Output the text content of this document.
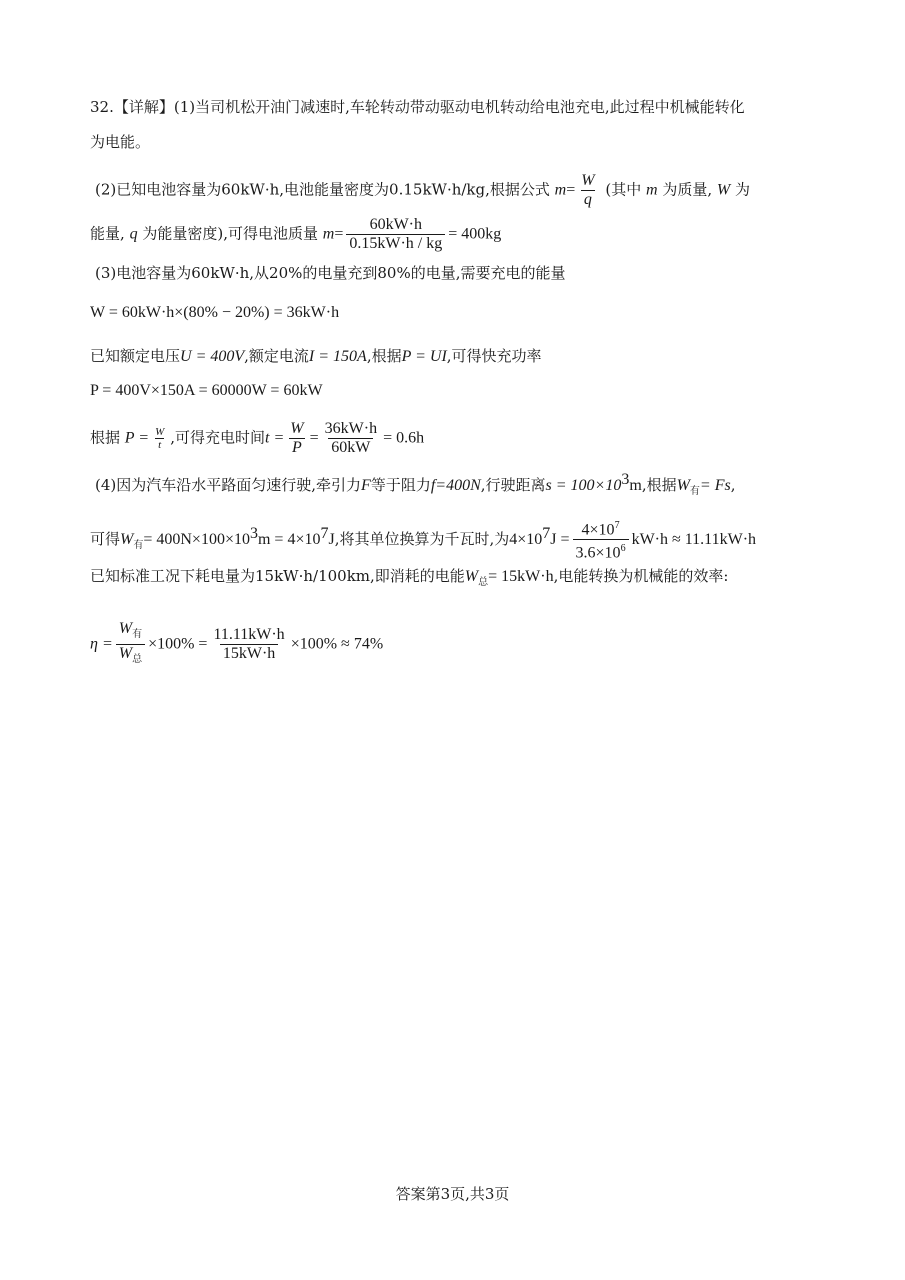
32.【详解】(1)当司机松开油门减速时,车轮转动带动驱动电机转动给电池充电,此过程中机械能转化
为电能。
(2)已知电池容量为60kW·h,电池能量密度为0.15kW·h/kg,根据公式 $m= \frac{W}{q}$ (其中 m 为质量, W 为
能量, q 为能量密度),可得电池质量 $m= \frac{60kW\cdot h}{0.15kW\cdot h / kg} = 400kg$
(3)电池容量为60kW·h,从20%的电量充到80%的电量,需要充电的能量
W = 60kW·h×(80% − 20%) = 36kW·h
已知额定电压U = 400V,额定电流I = 150A,根据P = UI,可得快充功率
P = 400V×150A = 60000W = 60kW
根据 $P = \frac{W}{t}$ ,可得充电时间$t = \frac{W}{P} = \frac{36kW\cdot h}{60kW} = 0.6h$
(4)因为汽车沿水平路面匀速行驶,牵引力F等于阻力f=400N,行驶距离$s = 100\times 10^3m$,根据$W_有= Fs$,
可得$W_有= 400N\times 100\times 10^3m = 4\times 10^7J$,将其单位换算为千瓦时,为$4\times 10^7J = \frac{4\times 10^7}{3.6\times 10^6} kW\cdot h \approx 11.11kW\cdot h$
已知标准工况下耗电量为15kW·h/100km,即消耗的电能$W_总= 15kW\cdot h$,电能转换为机械能的效率:
$\eta = \frac{W_有}{W_总} \times 100\% = \frac{11.11kW\cdot h}{15kW\cdot h} \times 100\% \approx 74\%$
答案第3页,共3页
